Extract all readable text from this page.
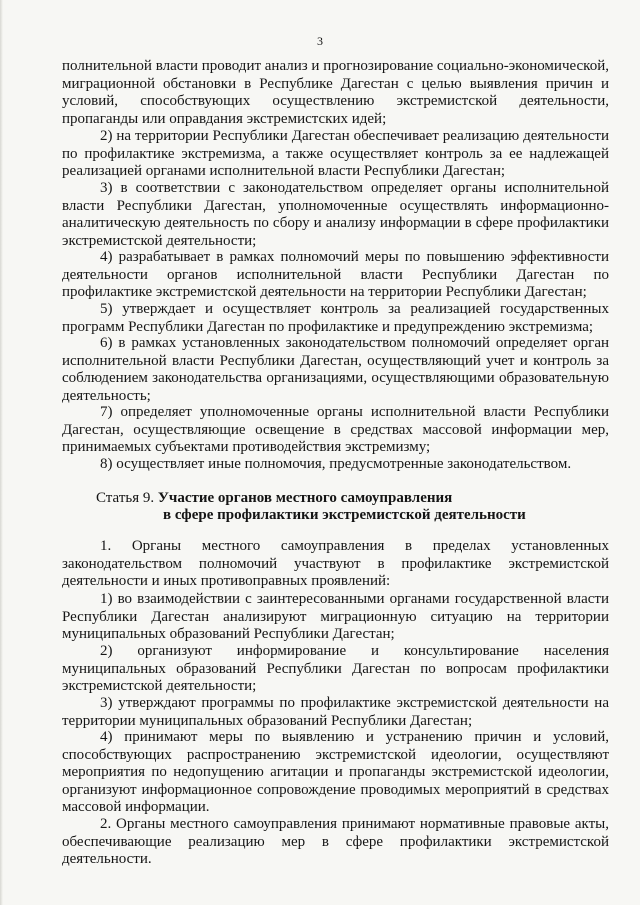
3

полнительной власти проводит анализ и прогнозирование социально-экономической, миграционной обстановки в Республике Дагестан с целью выявления причин и условий, способствующих осуществлению экстремистской деятельности, пропаганды или оправдания экстремистских идей;

2) на территории Республики Дагестан обеспечивает реализацию деятельности по профилактике экстремизма, а также осуществляет контроль за ее надлежащей реализацией органами исполнительной власти Республики Дагестан;

3) в соответствии с законодательством определяет органы исполнительной власти Республики Дагестан, уполномоченные осуществлять информационно-аналитическую деятельность по сбору и анализу информации в сфере профилактики экстремистской деятельности;

4) разрабатывает в рамках полномочий меры по повышению эффективности деятельности органов исполнительной власти Республики Дагестан по профилактике экстремистской деятельности на территории Республики Дагестан;

5) утверждает и осуществляет контроль за реализацией государственных программ Республики Дагестан по профилактике и предупреждению экстремизма;

6) в рамках установленных законодательством полномочий определяет орган исполнительной власти Республики Дагестан, осуществляющий учет и контроль за соблюдением законодательства организациями, осуществляющими образовательную деятельность;

7) определяет уполномоченные органы исполнительной власти Республики Дагестан, осуществляющие освещение в средствах массовой информации мер, принимаемых субъектами противодействия экстремизму;

8) осуществляет иные полномочия, предусмотренные законодательством.

Статья 9. Участие органов местного самоуправления
в сфере профилактики экстремистской деятельности

1. Органы местного самоуправления в пределах установленных законодательством полномочий участвуют в профилактике экстремистской деятельности и иных противоправных проявлений:

1) во взаимодействии с заинтересованными органами государственной власти Республики Дагестан анализируют миграционную ситуацию на территории муниципальных образований Республики Дагестан;

2) организуют информирование и консультирование населения муниципальных образований Республики Дагестан по вопросам профилактики экстремистской деятельности;

3) утверждают программы по профилактике экстремистской деятельности на территории муниципальных образований Республики Дагестан;

4) принимают меры по выявлению и устранению причин и условий, способствующих распространению экстремистской идеологии, осуществляют мероприятия по недопущению агитации и пропаганды экстремистской идеологии, организуют информационное сопровождение проводимых мероприятий в средствах массовой информации.

2. Органы местного самоуправления принимают нормативные правовые акты, обеспечивающие реализацию мер в сфере профилактики экстремистской деятельности.
